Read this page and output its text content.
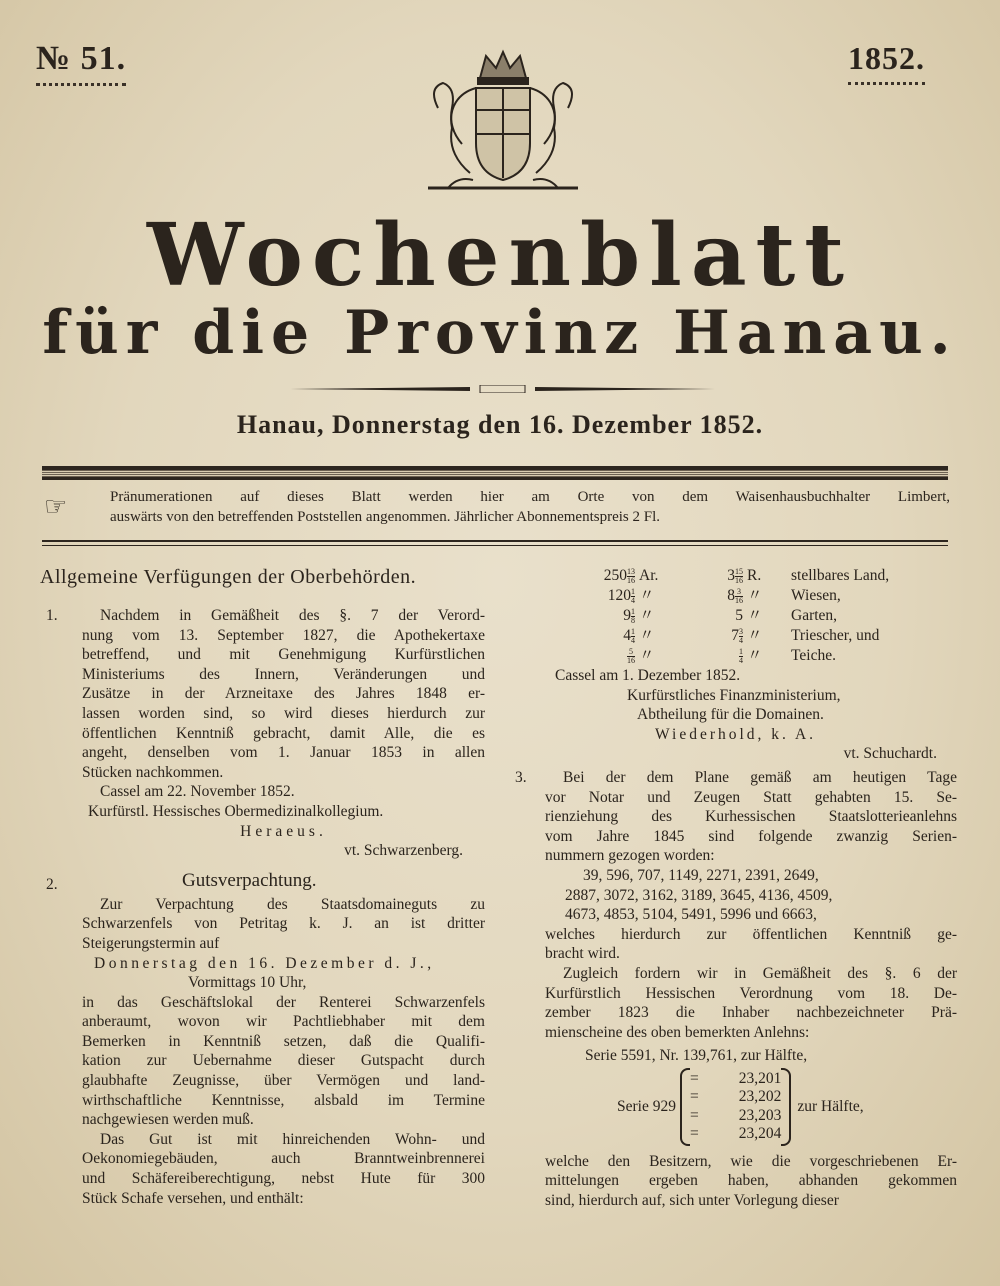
№ 51.	1852.
Wochenblatt
für die Provinz Hanau.
Hanau, Donnerstag den 16. Dezember 1852.
☞	Pränumerationen auf dieses Blatt werden hier am Orte von dem Waisenhausbuchhalter Limbert,
auswärts von den betreffenden Poststellen angenommen. Jährlicher Abonnementspreis 2 Fl.
Allgemeine Verfügungen der Oberbehörden.
1.	Nachdem in Gemäßheit des §. 7 der Verord-
nung vom 13. September 1827, die Apothekertaxe
betreffend, und mit Genehmigung Kurfürstlichen
Ministeriums des Innern, Veränderungen und
Zusätze in der Arzneitaxe des Jahres 1848 er-
lassen worden sind, so wird dieses hierdurch zur
öffentlichen Kenntniß gebracht, damit Alle, die es
angeht, denselben vom 1. Januar 1853 in allen
Stücken nachkommen.
Cassel am 22. November 1852.
Kurfürstl. Hessisches Obermedizinalkollegium.
Heraeus.
vt. Schwarzenberg.
2.	Gutsverpachtung.
Zur Verpachtung des Staatsdomaineguts zu
Schwarzenfels von Petritag k. J. an ist dritter
Steigerungstermin auf
Donnerstag den 16. Dezember d. J.,
Vormittags 10 Uhr,
in das Geschäftslokal der Renterei Schwarzenfels
anberaumt, wovon wir Pachtliebhaber mit dem
Bemerken in Kenntniß setzen, daß die Qualifi-
kation zur Uebernahme dieser Gutspacht durch
glaubhafte Zeugnisse, über Vermögen und land-
wirthschaftliche Kenntnisse, alsbald im Termine
nachgewiesen werden muß.
Das Gut ist mit hinreichenden Wohn- und
Oekonomiegebäuden, auch Branntweinbrennerei
und Schäfereiberechtigung, nebst Hute für 300
Stück Schafe versehen, und enthält:
$250 \frac{13}{16} Ar$.	$3 \frac{15}{16} R$.	stellbares Land,
$120 \frac{1}{4}$ 〃	$8 \frac{3}{16}$ 〃	Wiesen,
$9 \frac{1}{8}$ 〃	5 〃	Garten,
$4 \frac{1}{4}$ 〃	$7 \frac{3}{4}$ 〃	Triescher, und
$\frac{5}{16}$ 〃	$\frac{1}{4}$ 〃	Teiche.
Cassel am 1. Dezember 1852.
Kurfürstliches Finanzministerium,
Abtheilung für die Domainen.
Wiederhold, k. A.
vt. Schuchardt.
3.	Bei der dem Plane gemäß am heutigen Tage
vor Notar und Zeugen Statt gehabten 15. Se-
rienziehung des Kurhessischen Staatslotterieanlehns
vom Jahre 1845 sind folgende zwanzig Serien-
nummern gezogen worden:
39, 596, 707, 1149, 2271, 2391, 2649,
2887, 3072, 3162, 3189, 3645, 4136, 4509,
4673, 4853, 5104, 5491, 5996 und 6663,
welches hierdurch zur öffentlichen Kenntniß ge-
bracht wird.
Zugleich fordern wir in Gemäßheit des §. 6 der
Kurfürstlich Hessischen Verordnung vom 18. De-
zember 1823 die Inhaber nachbezeichneter Prä-
mienscheine des oben bemerkten Anlehns:
Serie 5591, Nr. 139,761, zur Hälfte,
Serie 929
=	23,201
=	23,202
=	23,203
=	23,204
zur Hälfte,
welche den Besitzern, wie die vorgeschriebenen Er-
mittelungen ergeben haben, abhanden gekommen
sind, hierdurch auf, sich unter Vorlegung dieser
